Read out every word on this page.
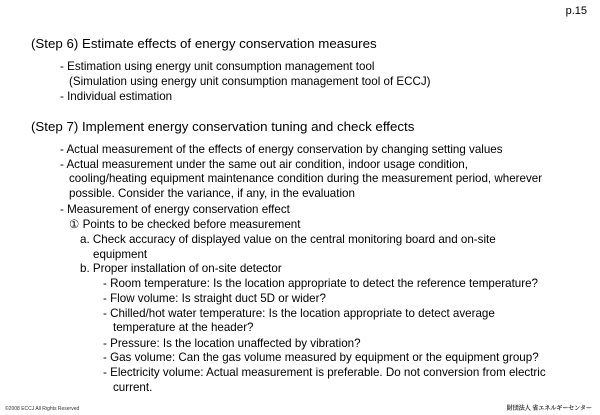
p.15
(Step 6) Estimate effects of energy conservation measures
- Estimation using energy unit consumption management tool
(Simulation using energy unit consumption management tool of ECCJ)
- Individual estimation
(Step 7) Implement energy conservation tuning and check effects
- Actual measurement of the effects of energy conservation by changing setting values
- Actual measurement under the same out air condition, indoor usage condition,
cooling/heating equipment maintenance condition during the measurement period, wherever
possible. Consider the variance, if any, in the evaluation
- Measurement of energy conservation effect
① Points to be checked before measurement
a. Check accuracy of displayed value on the central monitoring board and on-site
equipment
b. Proper installation of on-site detector
- Room temperature: Is the location appropriate to detect the reference temperature?
- Flow volume: Is straight duct 5D or wider?
- Chilled/hot water temperature: Is the location appropriate to detect average
temperature at the header?
- Pressure: Is the location unaffected by vibration?
- Gas volume: Can the gas volume measured by equipment or the equipment group?
- Electricity volume: Actual measurement is preferable. Do not conversion from electric
current.
©2008 ECCJ All Rights Reserved	財団法人 省エネルギーセンター
